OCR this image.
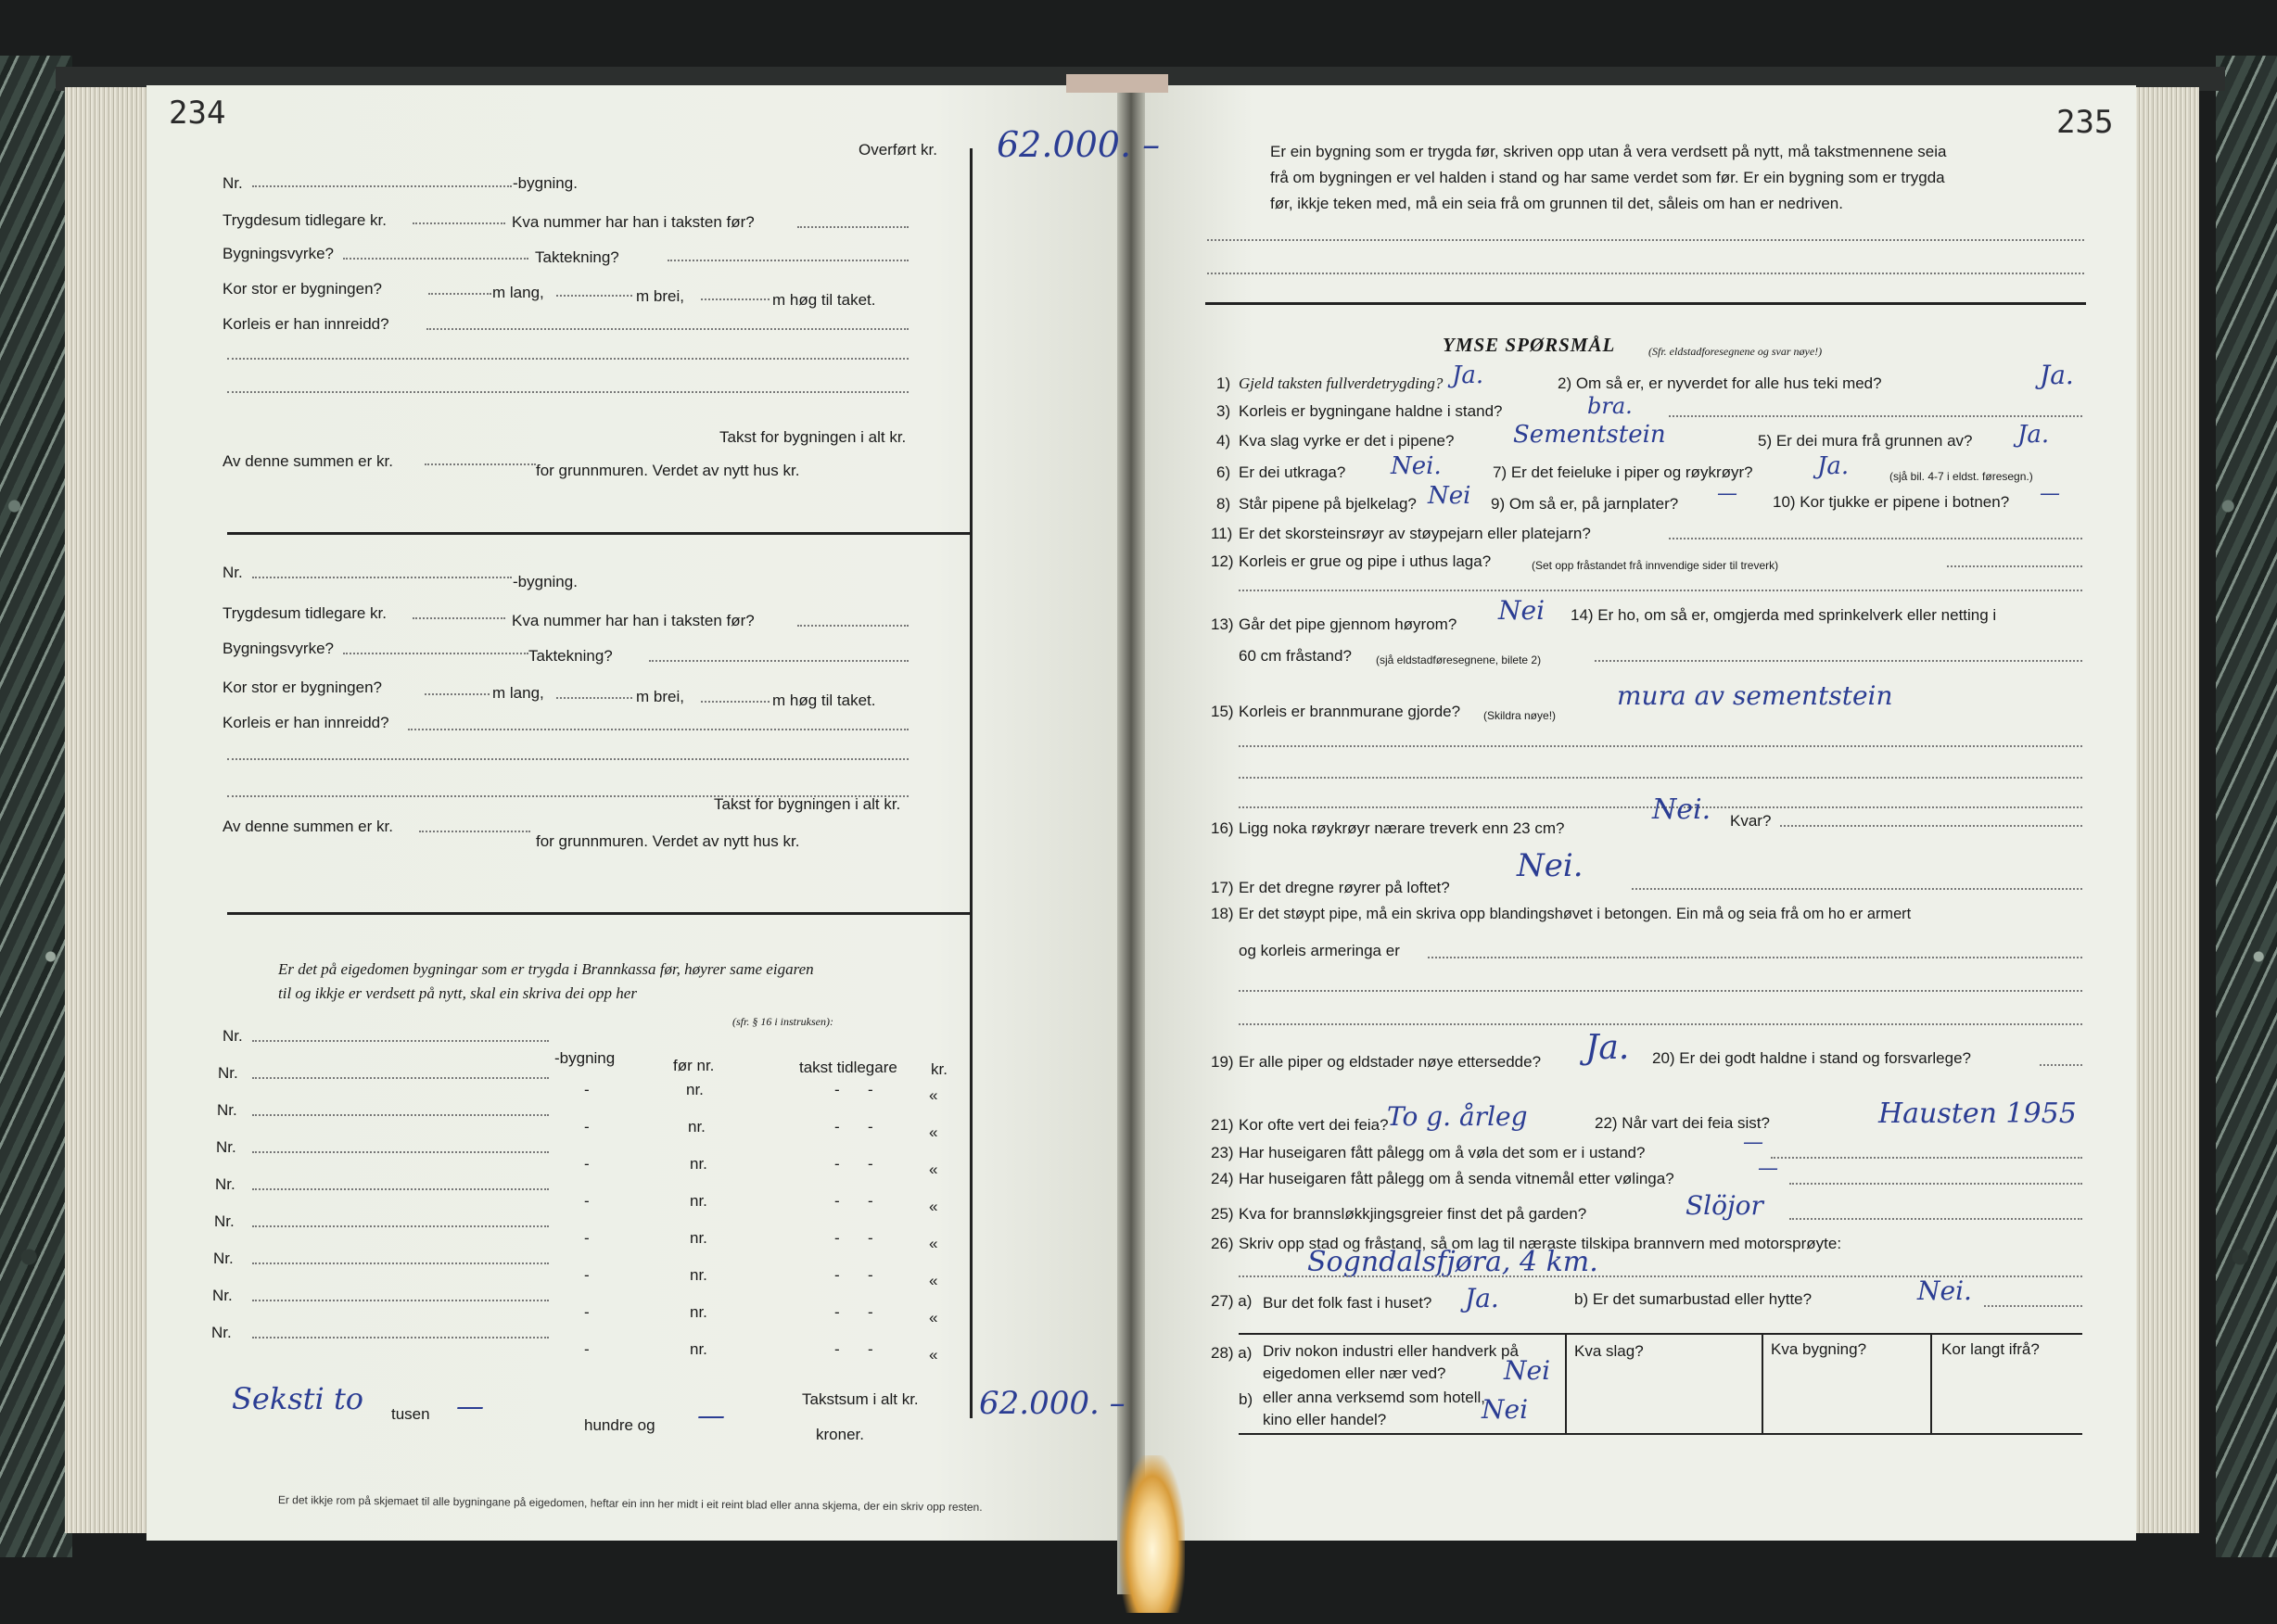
234
Overført kr. 62.000. –
Nr.	-bygning.
Trygdesum tidlegare kr.	Kva nummer har han i taksten før?
Bygningsvyrke?	Taktekning?
Kor stor er bygningen?	m lang,	m brei,	m høg til taket.
Korleis er han innreidd?
Takst for bygningen i alt kr.
Av denne summen er kr.
for grunnmuren. Verdet av nytt hus kr.
Nr.
-bygning.
Trygdesum tidlegare kr.	Kva nummer har han i taksten før?
Bygningsvyrke?	Taktekning?
Kor stor er bygningen?	m lang,	m brei,	m høg til taket.
Korleis er han innreidd?
Takst for bygningen i alt kr.
Av denne summen er kr.
for grunnmuren. Verdet av nytt hus kr.
Er det på eigedomen bygningar som er trygda i Brannkassa før, høyrer same eigaren
til og ikkje er verdsett på nytt, skal ein skriva dei opp her
(sfr. § 16 i instruksen):
Nr.
-bygning	før nr.	takst tidlegare kr.
Nr.
-	nr.	- -	«
Nr.
-	nr.	- -	«
Nr.
-	nr.	- -	«
Nr.
-	nr.	- -	«
Nr.
-	nr.	- -	«
Nr.
-	nr.	- -	«
Nr.
-	nr.	- -	«
Nr.
-	nr.	- -	«
Takstsum i alt kr. 62.000. –
Seksti to tusen —
hundre og —
kroner.
Er det ikkje rom på skjemaet til alle bygningane på eigedomen, heftar ein inn her midt i eit reint blad eller anna skjema, der ein skriv opp resten.
235
Er ein bygning som er trygda før, skriven opp utan å vera verdsett på nytt, må takstmennene seia
frå om bygningen er vel halden i stand og har same verdet som før. Er ein bygning som er trygda
før, ikkje teken med, må ein seia frå om grunnen til det, såleis om han er nedriven.
YMSE SPØRSMÅL	(Sfr. eldstadforesegnene og svar nøye!)
1) Gjeld taksten fullverdetrygding? Ja.	2) Om så er, er nyverdet for alle hus teki med?	Ja.
3) Korleis er bygningane haldne i stand?	bra.
4) Kva slag vyrke er det i pipene? Sementstein	5) Er dei mura frå grunnen av? Ja.
6) Er dei utkraga? Nei.	7) Er det feieluke i piper og røykrøyr?	Ja.	(sjå bil. 4-7 i eldst. føresegn.)
8) Står pipene på bjelkelag? Nei 9) Om så er, på jarnplater? — 10) Kor tjukke er pipene i botnen? —
11) Er det skorsteinsrøyr av støypejarn eller platejarn?
12) Korleis er grue og pipe i uthus laga?	(Set opp fråstandet frå innvendige sider til treverk)
13) Går det pipe gjennom høyrom? Nei 14) Er ho, om så er, omgjerda med sprinkelverk eller netting i
60 cm fråstand? (sjå eldstadføresegnene, bilete 2)
15) Korleis er brannmurane gjorde? (Skildra nøye!)
mura av sementstein
16) Ligg noka røykrøyr nærare treverk enn 23 cm?
Nei. Kvar?
17) Er det dregne røyrer på loftet?
Nei.
18) Er det støypt pipe, må ein skriva opp blandingshøvet i betongen. Ein må og seia frå om ho er armert
og korleis armeringa er
19) Er alle piper og eldstader nøye ettersedde? Ja. 20) Er dei godt haldne i stand og forsvarlege?
21) Kor ofte vert dei feia?
To g. årleg	22) Når vart dei feia sist?	Hausten 1955
23) Har huseigaren fått pålegg om å vøla det som er i ustand?	—
24) Har huseigaren fått pålegg om å senda vitnemål etter vølinga?	—
25) Kva for brannsløkkjingsgreier finst det på garden?	Slöjor
26) Skriv opp stad og fråstand, så om lag til næraste tilskipa brannvern med motorsprøyte:
Sogndalsfjøra, 4 km.
27) a) Bur det folk fast i huset? Ja.	b) Er det sumarbustad eller hytte?	Nei.
28) a) Driv nokon industri eller handverk på
eigedomen eller nær ved? Nei
b) eller anna verksemd som hotell,
kino eller handel?	Nei
Kva slag?	Kva bygning?	Kor langt ifrå?
